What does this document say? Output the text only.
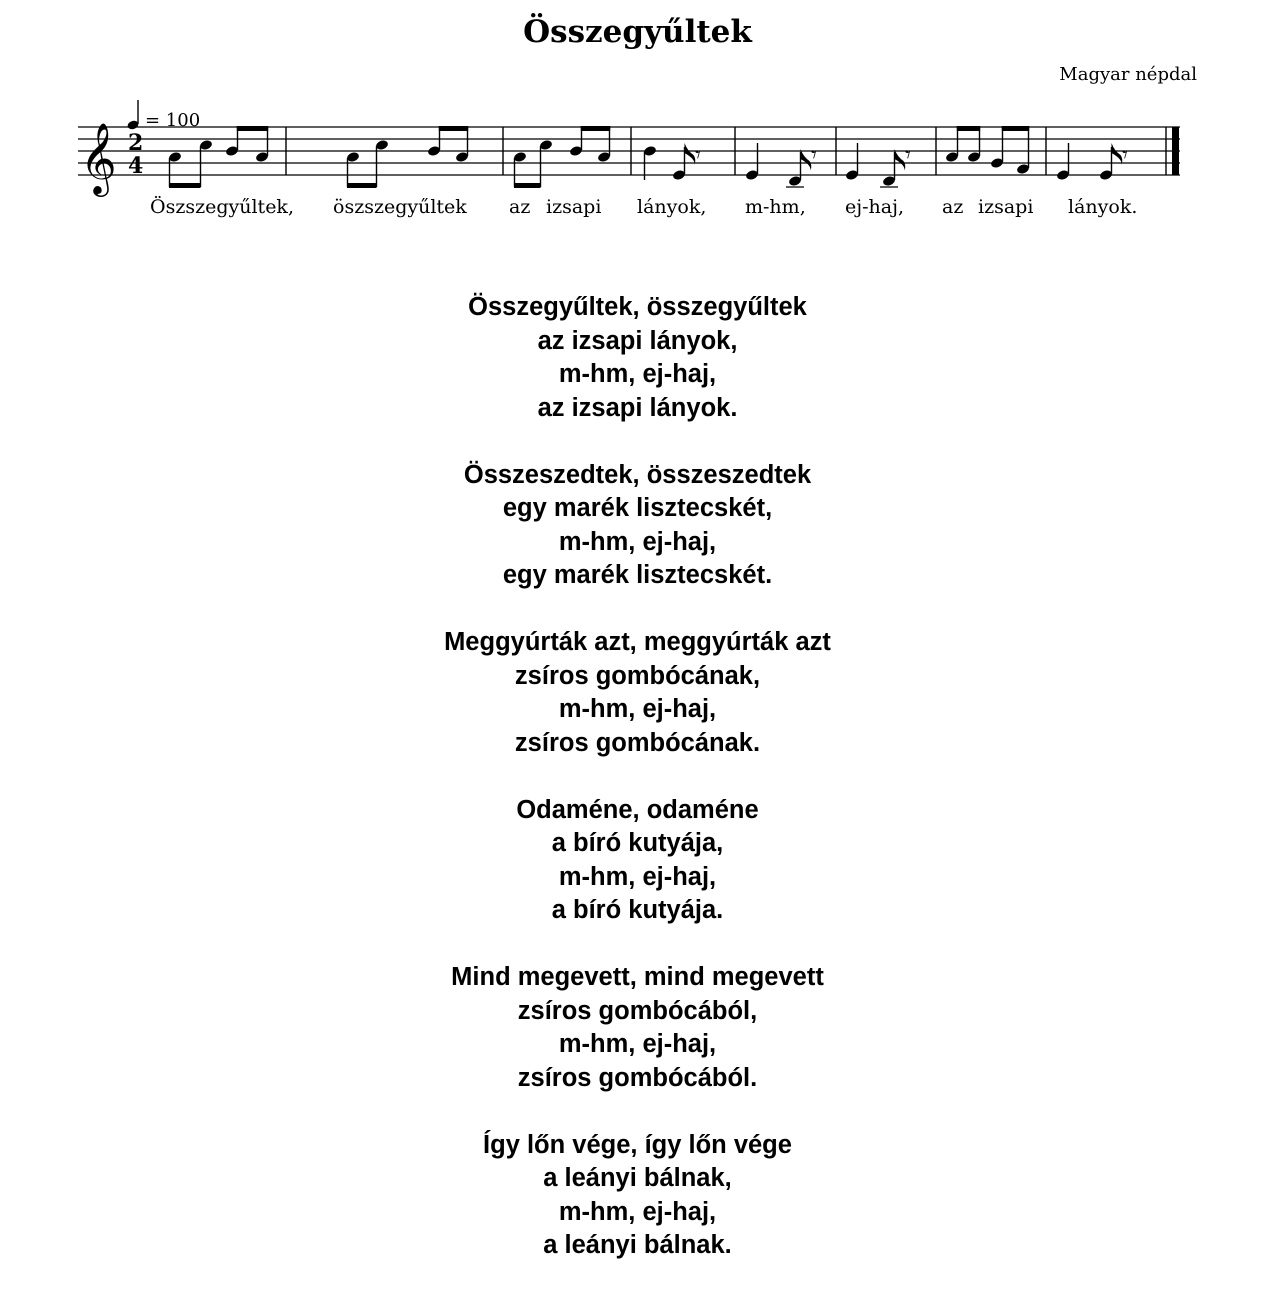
Összegyűltek
Magyar népdal
𝄞 2
4
= 100
𝄾	𝄾	𝄾	𝄾
Öszszegyűltek, öszszegyűltek az izsapi lányok, m-hm, ej-haj, az izsapi lányok.
Összegyűltek, összegyűltek
az izsapi lányok,
m-hm, ej-haj,
az izsapi lányok.
Összeszedtek, összeszedtek
egy marék lisztecskét,
m-hm, ej-haj,
egy marék lisztecskét.
Meggyúrták azt, meggyúrták azt
zsíros gombócának,
m-hm, ej-haj,
zsíros gombócának.
Odaméne, odaméne
a bíró kutyája,
m-hm, ej-haj,
a bíró kutyája.
Mind megevett, mind megevett
zsíros gombócából,
m-hm, ej-haj,
zsíros gombócából.
Így lőn vége, így lőn vége
a leányi bálnak,
m-hm, ej-haj,
a leányi bálnak.
